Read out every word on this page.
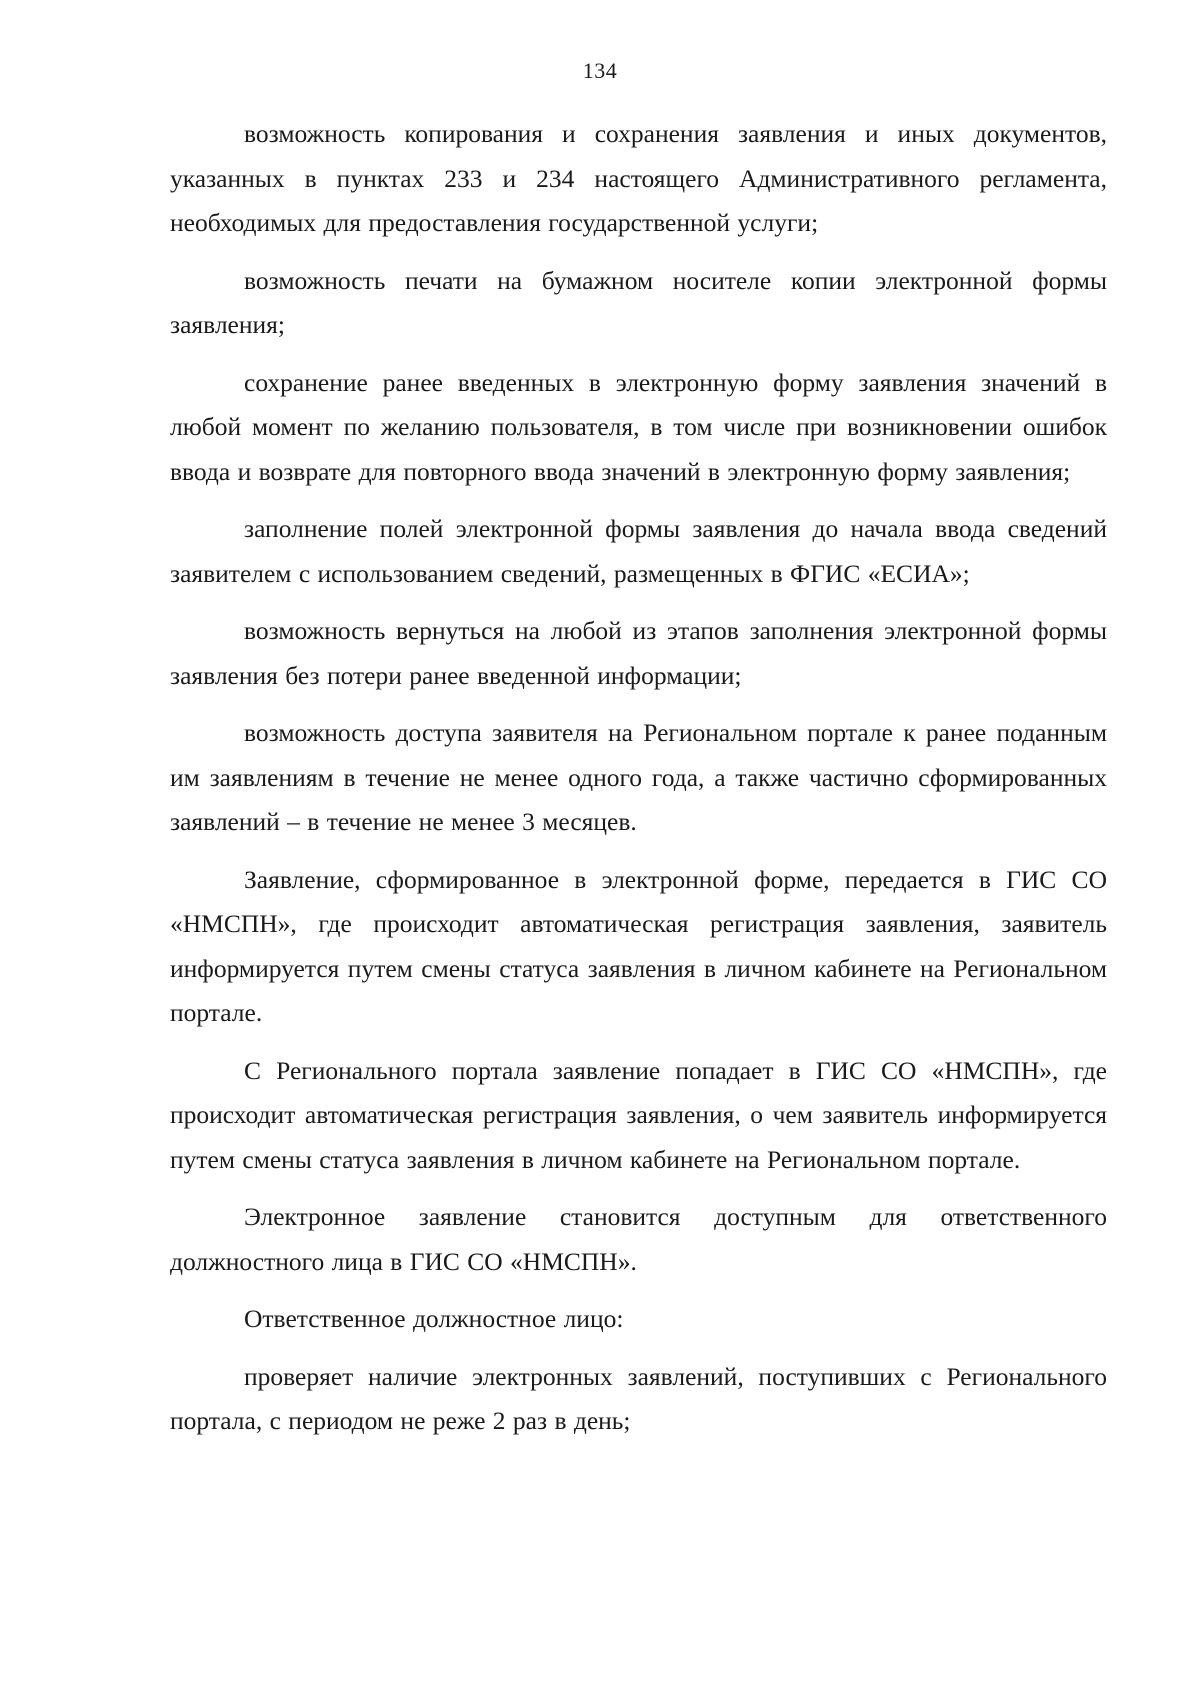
134

возможность копирования и сохранения заявления и иных документов, указанных в пунктах 233 и 234 настоящего Административного регламента, необходимых для предоставления государственной услуги;

возможность печати на бумажном носителе копии электронной формы заявления;

сохранение ранее введенных в электронную форму заявления значений в любой момент по желанию пользователя, в том числе при возникновении ошибок ввода и возврате для повторного ввода значений в электронную форму заявления;

заполнение полей электронной формы заявления до начала ввода сведений заявителем с использованием сведений, размещенных в ФГИС «ЕСИА»;

возможность вернуться на любой из этапов заполнения электронной формы заявления без потери ранее введенной информации;

возможность доступа заявителя на Региональном портале к ранее поданным им заявлениям в течение не менее одного года, а также частично сформированных заявлений – в течение не менее 3 месяцев.

Заявление, сформированное в электронной форме, передается в ГИС СО «НМСПН», где происходит автоматическая регистрация заявления, заявитель информируется путем смены статуса заявления в личном кабинете на Региональном портале.

С Регионального портала заявление попадает в ГИС СО «НМСПН», где происходит автоматическая регистрация заявления, о чем заявитель информируется путем смены статуса заявления в личном кабинете на Региональном портале.

Электронное заявление становится доступным для ответственного должностного лица в ГИС СО «НМСПН».

Ответственное должностное лицо:

проверяет наличие электронных заявлений, поступивших с Регионального портала, с периодом не реже 2 раз в день;
